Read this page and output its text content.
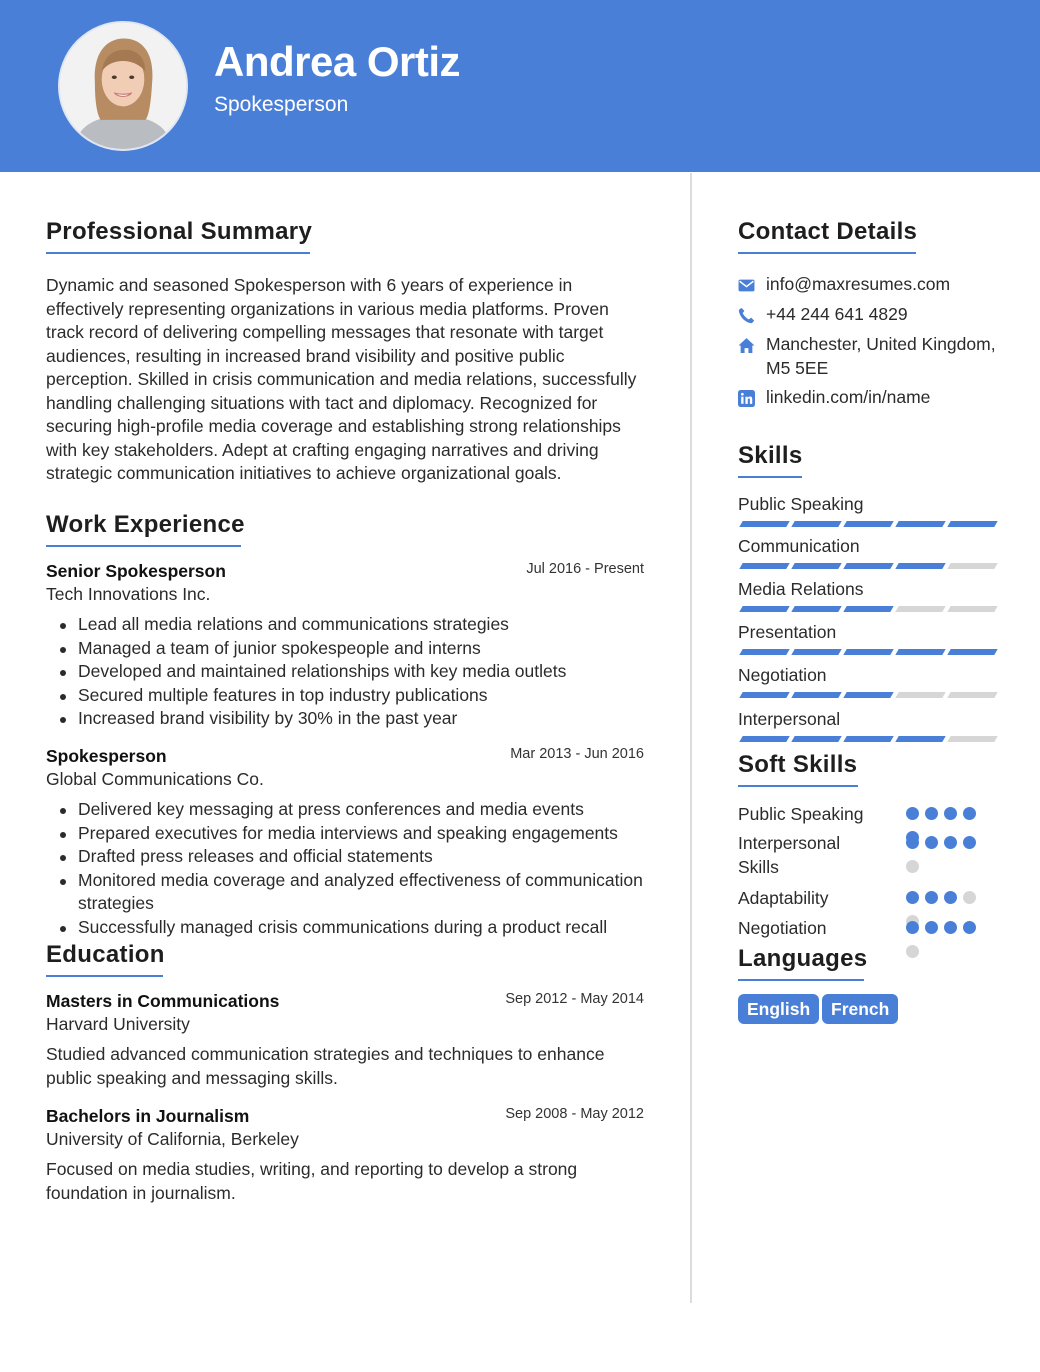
Andrea Ortiz
Spokesperson
Professional Summary
Dynamic and seasoned Spokesperson with 6 years of experience in effectively representing organizations in various media platforms. Proven track record of delivering compelling messages that resonate with target audiences, resulting in increased brand visibility and positive public perception. Skilled in crisis communication and media relations, successfully handling challenging situations with tact and diplomacy. Recognized for securing high-profile media coverage and establishing strong relationships with key stakeholders. Adept at crafting engaging narratives and driving strategic communication initiatives to achieve organizational goals.
Work Experience
Senior Spokesperson	Jul 2016 - Present
Tech Innovations Inc.
Lead all media relations and communications strategies
Managed a team of junior spokespeople and interns
Developed and maintained relationships with key media outlets
Secured multiple features in top industry publications
Increased brand visibility by 30% in the past year
Spokesperson	Mar 2013 - Jun 2016
Global Communications Co.
Delivered key messaging at press conferences and media events
Prepared executives for media interviews and speaking engagements
Drafted press releases and official statements
Monitored media coverage and analyzed effectiveness of communication strategies
Successfully managed crisis communications during a product recall
Education
Masters in Communications	Sep 2012 - May 2014
Harvard University
Studied advanced communication strategies and techniques to enhance public speaking and messaging skills.
Bachelors in Journalism	Sep 2008 - May 2012
University of California, Berkeley
Focused on media studies, writing, and reporting to develop a strong foundation in journalism.
Contact Details
info@maxresumes.com
+44 244 641 4829
Manchester, United Kingdom, M5 5EE
linkedin.com/in/name
Skills
Public Speaking
Communication
Media Relations
Presentation
Negotiation
Interpersonal
Soft Skills
Public Speaking
Interpersonal Skills
Adaptability
Negotiation
Languages
English	French
